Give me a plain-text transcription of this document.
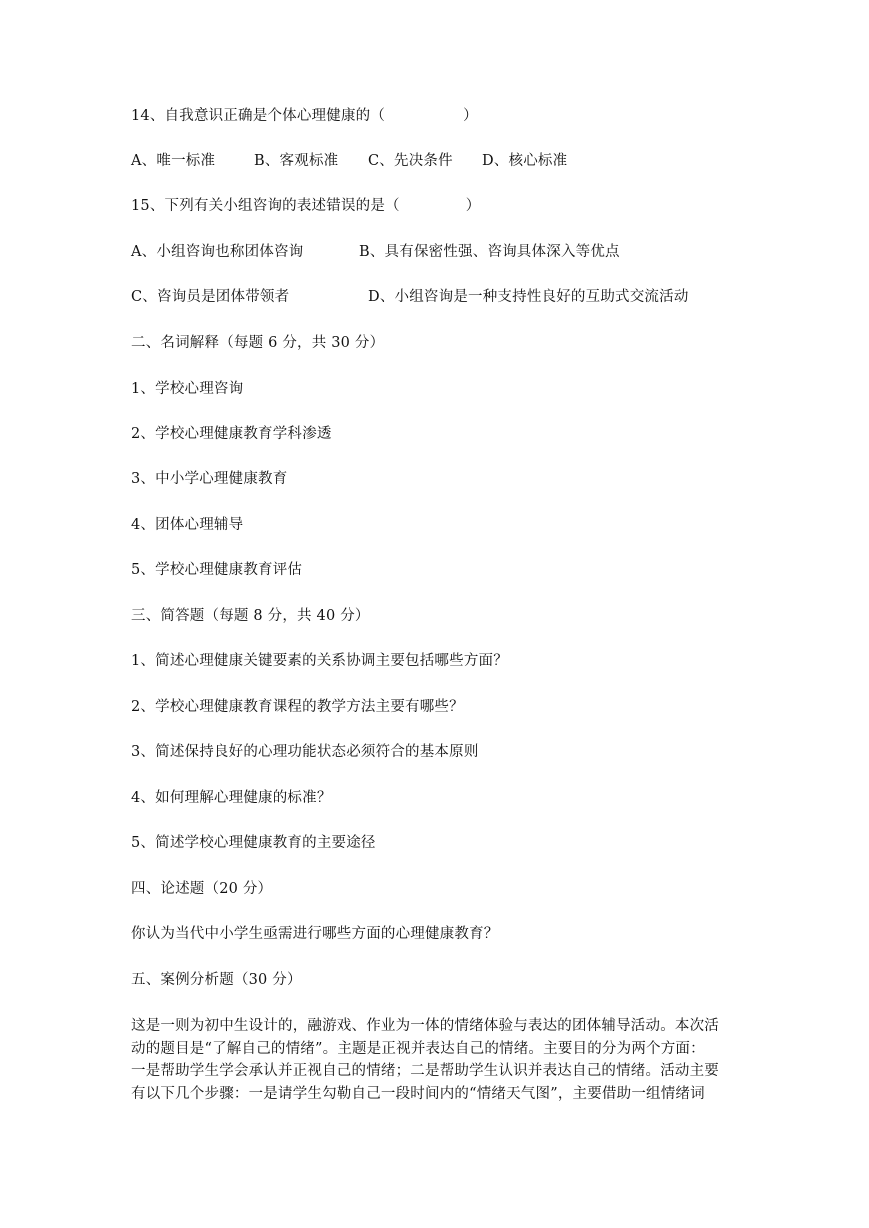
14、自我意识正确是个体心理健康的（	）
A、唯一标准	B、客观标准 C、先决条件 D、核心标准
15、下列有关小组咨询的表述错误的是（	）
A、小组咨询也称团体咨询	B、具有保密性强、咨询具体深入等优点
C、咨询员是团体带领者	D、小组咨询是一种支持性良好的互助式交流活动
二、名词解释（每题 6 分，共 30 分）
1、学校心理咨询
2、学校心理健康教育学科渗透
3、中小学心理健康教育
4、团体心理辅导
5、学校心理健康教育评估
三、简答题（每题 8 分，共 40 分）
1、简述心理健康关键要素的关系协调主要包括哪些方面？
2、学校心理健康教育课程的教学方法主要有哪些？
3、简述保持良好的心理功能状态必须符合的基本原则
4、如何理解心理健康的标准？
5、简述学校心理健康教育的主要途径
四、论述题（20 分）
你认为当代中小学生亟需进行哪些方面的心理健康教育？
五、案例分析题（30 分）
这是一则为初中生设计的，融游戏、作业为一体的情绪体验与表达的团体辅导活动。本次活
动的题目是“了解自己的情绪”。主题是正视并表达自己的情绪。主要目的分为两个方面：
一是帮助学生学会承认并正视自己的情绪；二是帮助学生认识并表达自己的情绪。活动主要
有以下几个步骤：一是请学生勾勒自己一段时间内的“情绪天气图”，主要借助一组情绪词
